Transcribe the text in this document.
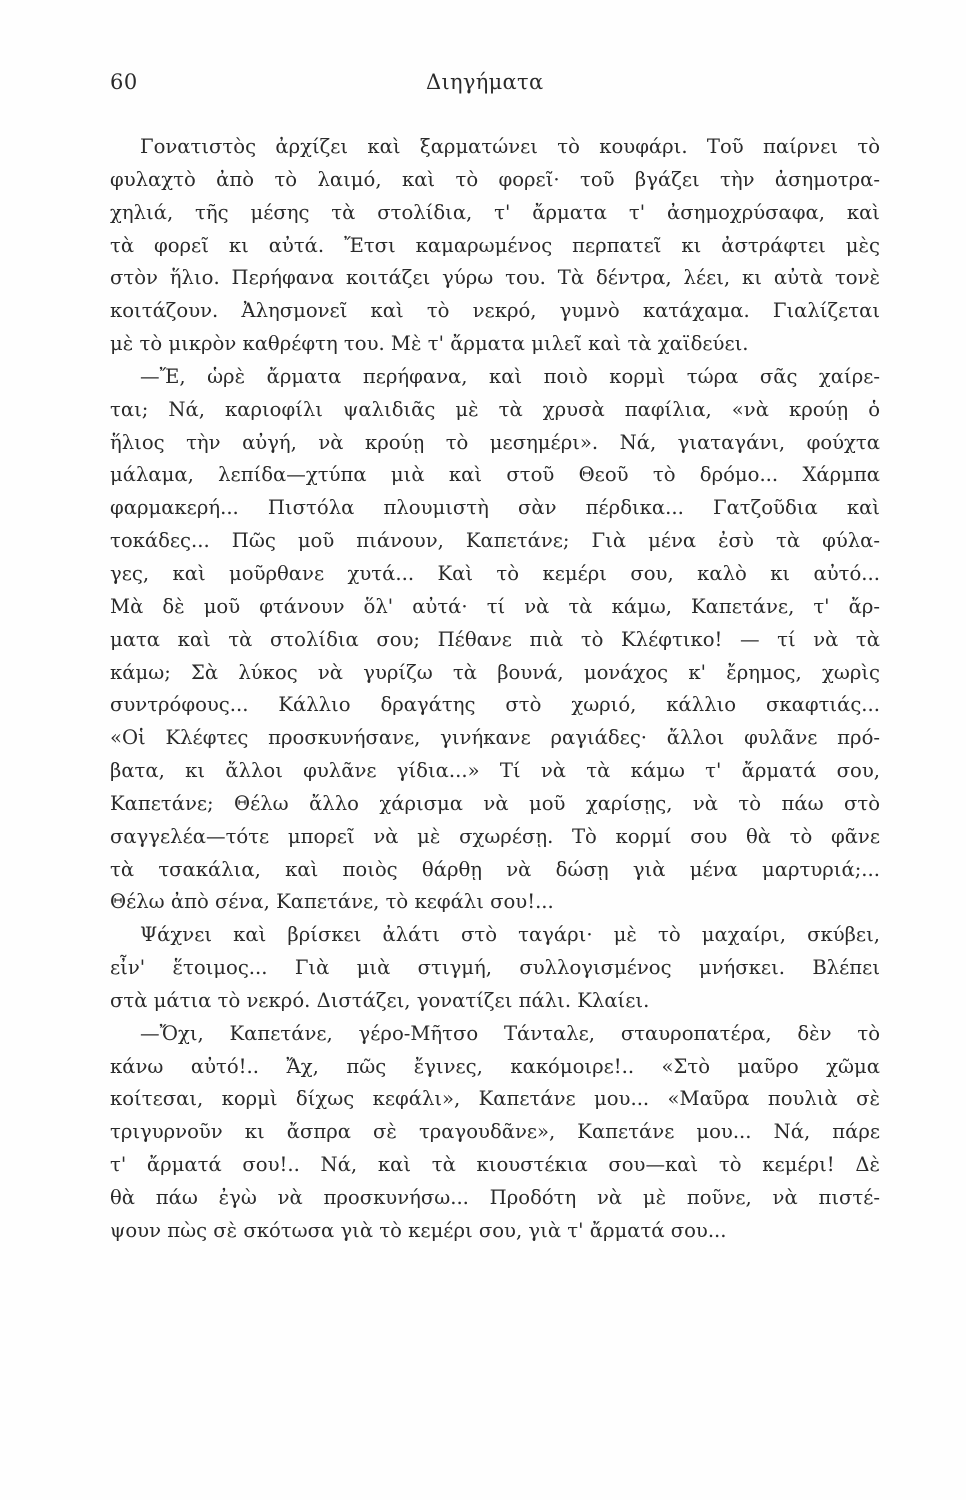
60	Διηγήματα
Γονατιστὸς ἀρχίζει καὶ ξαρματώνει τὸ κουφάρι. Τοῦ παίρνει τὸ
φυλαχτὸ ἀπὸ τὸ λαιμό, καὶ τὸ φορεῖ· τοῦ βγάζει τὴν ἀσημοτρα-
χηλιά, τῆς μέσης τὰ στολίδια, τ' ἄρματα τ' ἀσημοχρύσαφα, καὶ
τὰ φορεῖ κι αὐτά. Ἔτσι καμαρωμένος περπατεῖ κι ἀστράφτει μὲς
στὸν ἥλιο. Περήφανα κοιτάζει γύρω του. Τὰ δέντρα, λέει, κι αὐτὰ τονὲ
κοιτάζουν. Ἀλησμονεῖ καὶ τὸ νεκρό, γυμνὸ κατάχαμα. Γιαλίζεται
μὲ τὸ μικρὸν καθρέφτη του. Μὲ τ' ἄρματα μιλεῖ καὶ τὰ χαϊδεύει.
—Ἔ, ὡρὲ ἄρματα περήφανα, καὶ ποιὸ κορμὶ τώρα σᾶς χαίρε-
ται; Νά, καριοφίλι ψαλιδιᾶς μὲ τὰ χρυσὰ παφίλια, «νὰ κρούῃ ὁ
ἥλιος τὴν αὐγή, νὰ κρούῃ τὸ μεσημέρι». Νά, γιαταγάνι, φούχτα
μάλαμα, λεπίδα—χτύπα μιὰ καὶ στοῦ Θεοῦ τὸ δρόμο... Χάρμπα
φαρμακερή... Πιστόλα πλουμιστὴ σὰν πέρδικα... Γατζοῦδια καὶ
τοκάδες... Πῶς μοῦ πιάνουν, Καπετάνε; Γιὰ μένα ἐσὺ τὰ φύλα-
γες, καὶ μοῦρθανε χυτά... Καὶ τὸ κεμέρι σου, καλὸ κι αὐτό...
Μὰ δὲ μοῦ φτάνουν ὅλ' αὐτά· τί νὰ τὰ κάμω, Καπετάνε, τ' ἄρ-
ματα καὶ τὰ στολίδια σου; Πέθανε πιὰ τὸ Κλέφτικο! — τί νὰ τὰ
κάμω; Σὰ λύκος νὰ γυρίζω τὰ βουνά, μονάχος κ' ἔρημος, χωρὶς
συντρόφους... Κάλλιο δραγάτης στὸ χωριό, κάλλιο σκαφτιάς...
«Οἱ Κλέφτες προσκυνήσανε, γινήκανε ραγιάδες· ἄλλοι φυλᾶνε πρό-
βατα, κι ἄλλοι φυλᾶνε γίδια...» Τί νὰ τὰ κάμω τ' ἄρματά σου,
Καπετάνε; Θέλω ἄλλο χάρισμα νὰ μοῦ χαρίσῃς, νὰ τὸ πάω στὸ
σαγγελέα—τότε μπορεῖ νὰ μὲ σχωρέσῃ. Τὸ κορμί σου θὰ τὸ φᾶνε
τὰ τσακάλια, καὶ ποιὸς θάρθῃ νὰ δώσῃ γιὰ μένα μαρτυριά;...
Θέλω ἀπὸ σένα, Καπετάνε, τὸ κεφάλι σου!...
Ψάχνει καὶ βρίσκει ἀλάτι στὸ ταγάρι· μὲ τὸ μαχαίρι, σκύβει,
εἶν' ἕτοιμος... Γιὰ μιὰ στιγμή, συλλογισμένος μνήσκει. Βλέπει
στὰ μάτια τὸ νεκρό. Διστάζει, γονατίζει πάλι. Κλαίει.
—Ὄχι, Καπετάνε, γέρο-Μῆτσο Τάνταλε, σταυροπατέρα, δὲν τὸ
κάνω αὐτό!.. Ἄχ, πῶς ἔγινες, κακόμοιρε!.. «Στὸ μαῦρο χῶμα
κοίτεσαι, κορμὶ δίχως κεφάλι», Καπετάνε μου... «Μαῦρα πουλιὰ σὲ
τριγυρνοῦν κι ἄσπρα σὲ τραγουδᾶνε», Καπετάνε μου... Νά, πάρε
τ' ἄρματά σου!.. Νά, καὶ τὰ κιουστέκια σου—καὶ τὸ κεμέρι! Δὲ
θὰ πάω ἐγὼ νὰ προσκυνήσω... Προδότη νὰ μὲ ποῦνε, νὰ πιστέ-
ψουν πὼς σὲ σκότωσα γιὰ τὸ κεμέρι σου, γιὰ τ' ἄρματά σου...
